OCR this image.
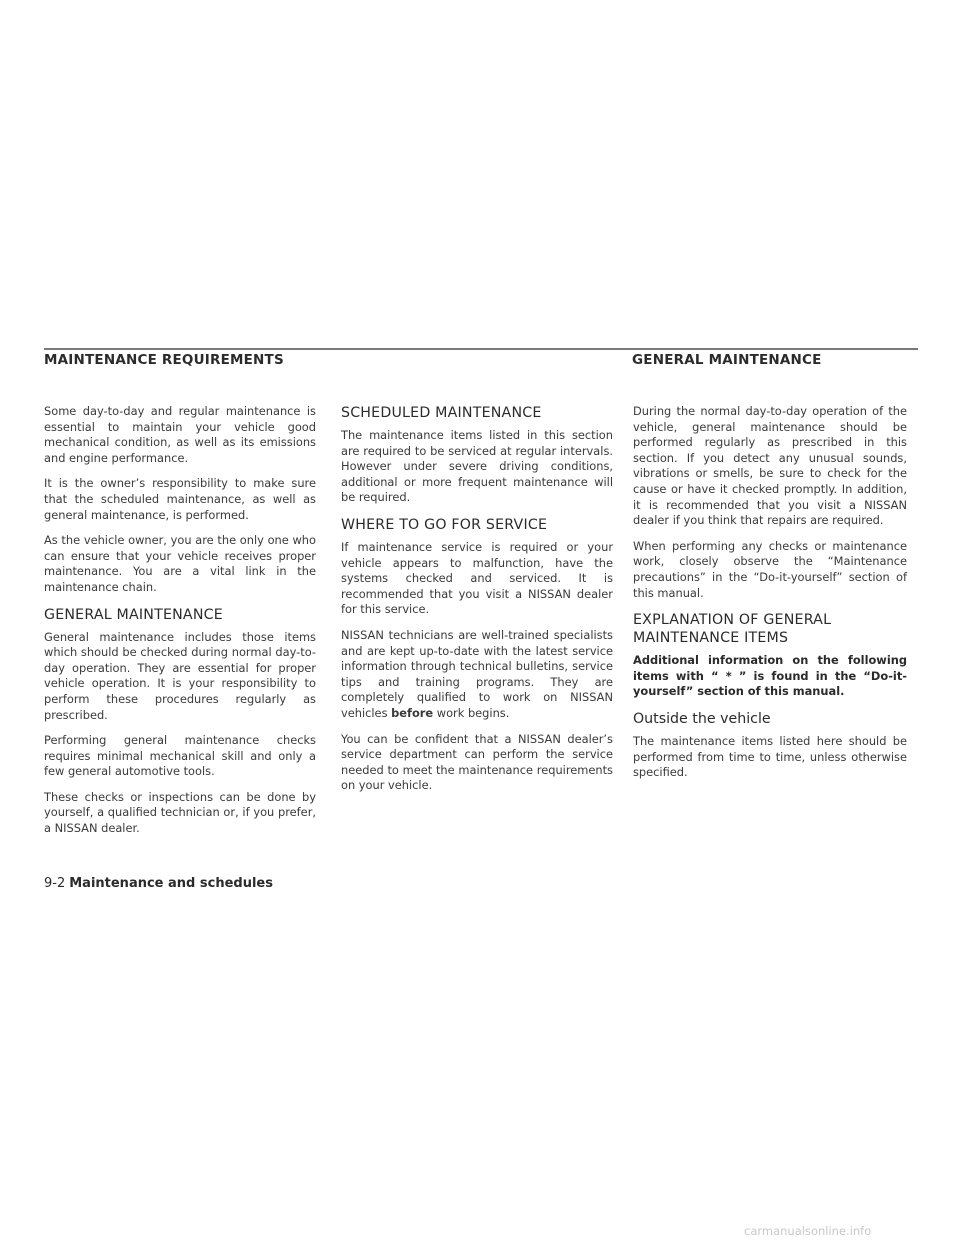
MAINTENANCE REQUIREMENTS	GENERAL MAINTENANCE

Some day-to-day and regular maintenance is essential to maintain your vehicle good mechanical condition, as well as its emissions and engine performance.

It is the owner’s responsibility to make sure that the scheduled maintenance, as well as general maintenance, is performed.

As the vehicle owner, you are the only one who can ensure that your vehicle receives proper maintenance. You are a vital link in the maintenance chain.

GENERAL MAINTENANCE

General maintenance includes those items which should be checked during normal day-to-day operation. They are essential for proper vehicle operation. It is your responsibility to perform these procedures regularly as prescribed.

Performing general maintenance checks requires minimal mechanical skill and only a few general automotive tools.

These checks or inspections can be done by yourself, a qualified technician or, if you prefer, a NISSAN dealer.

SCHEDULED MAINTENANCE

The maintenance items listed in this section are required to be serviced at regular intervals. However under severe driving conditions, additional or more frequent maintenance will be required.

WHERE TO GO FOR SERVICE

If maintenance service is required or your vehicle appears to malfunction, have the systems checked and serviced. It is recommended that you visit a NISSAN dealer for this service.

NISSAN technicians are well-trained specialists and are kept up-to-date with the latest service information through technical bulletins, service tips and training programs. They are completely qualified to work on NISSAN vehicles before work begins.

You can be confident that a NISSAN dealer’s service department can perform the service needed to meet the maintenance requirements on your vehicle.

During the normal day-to-day operation of the vehicle, general maintenance should be performed regularly as prescribed in this section. If you detect any unusual sounds, vibrations or smells, be sure to check for the cause or have it checked promptly. In addition, it is recommended that you visit a NISSAN dealer if you think that repairs are required.

When performing any checks or maintenance work, closely observe the “Maintenance precautions” in the “Do-it-yourself” section of this manual.

EXPLANATION OF GENERAL MAINTENANCE ITEMS

Additional information on the following items with “ * ” is found in the “Do-it-yourself” section of this manual.

Outside the vehicle

The maintenance items listed here should be performed from time to time, unless otherwise specified.

9-2 Maintenance and schedules
carmanualsonline.info
